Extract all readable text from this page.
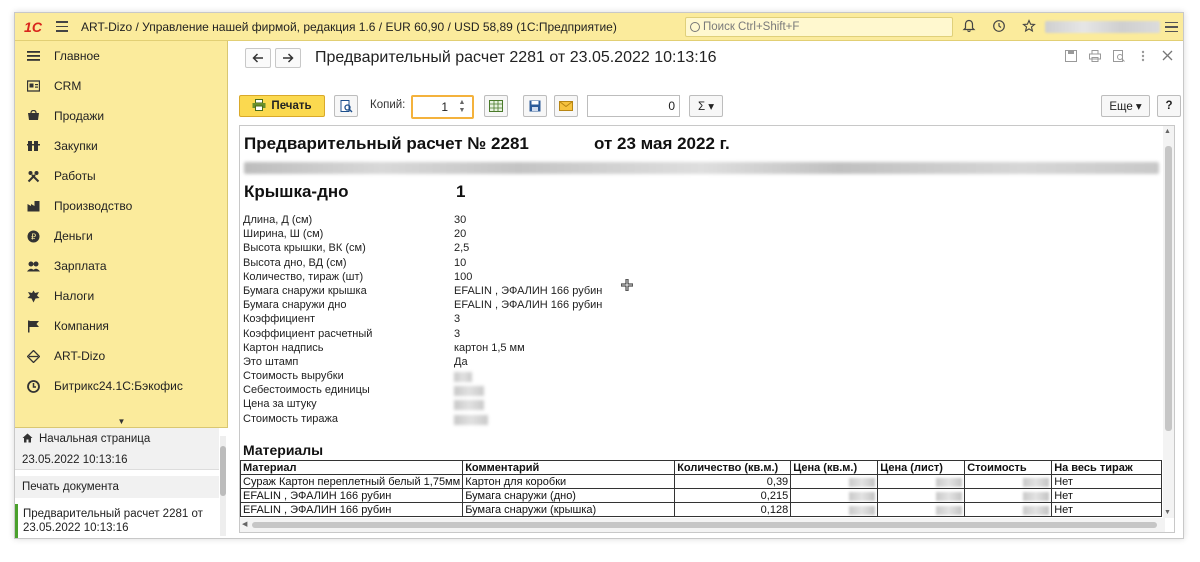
1С	ART-Dizo / Управление нашей фирмой, редакция 1.6 / EUR 60,90 / USD 58,89 (1С:Предприятие)	Поиск Ctrl+Shift+F
Главное
CRM
Продажи
Закупки
Работы
Производство
₽ Деньги
Зарплата
Налоги
Компания
ART-Dizo
Битрикс24.1С:Бэкофис
▼
Начальная страница
23.05.2022 10:13:16
Печать документа
Предварительный расчет 2281 от
23.05.2022 10:13:16
Предварительный расчет 2281 от 23.05.2022 10:13:16
Печать	Копий:	1	▲
▼	0	Σ ▾	Еще ▾	?
Предварительный расчет № 2281	от 23 мая 2022 г.
Крышка-дно	1
Длина, Д (см)	30
Ширина, Ш (см)	20
Высота крышки, ВК (см)	2,5
Высота дно, ВД (см)	10
Количество, тираж (шт)	100
Бумага снаружи крышка	EFALIN , ЭФАЛИН 166 рубин
Бумага снаружи дно	EFALIN , ЭФАЛИН 166 рубин
Коэффициент	3
Коэффициент расчетный	3
Картон надпись	картон 1,5 мм
Это штамп	Да
Стоимость вырубки
Себестоимость единицы
Цена за штуку
Стоимость тиража
Материалы
Материал	Комментарий	Количество (кв.м.)	Цена (кв.м.)	Цена (лист)	Стоимость	На весь тираж
Сураж Картон переплетный белый 1,75мм	Картон для коробки	0,39				Нет
EFALIN , ЭФАЛИН 166 рубин	Бумага снаружи (дно)	0,215				Нет
EFALIN , ЭФАЛИН 166 рубин	Бумага снаружи (крышка)	0,128				Нет
▲
▼
◀
